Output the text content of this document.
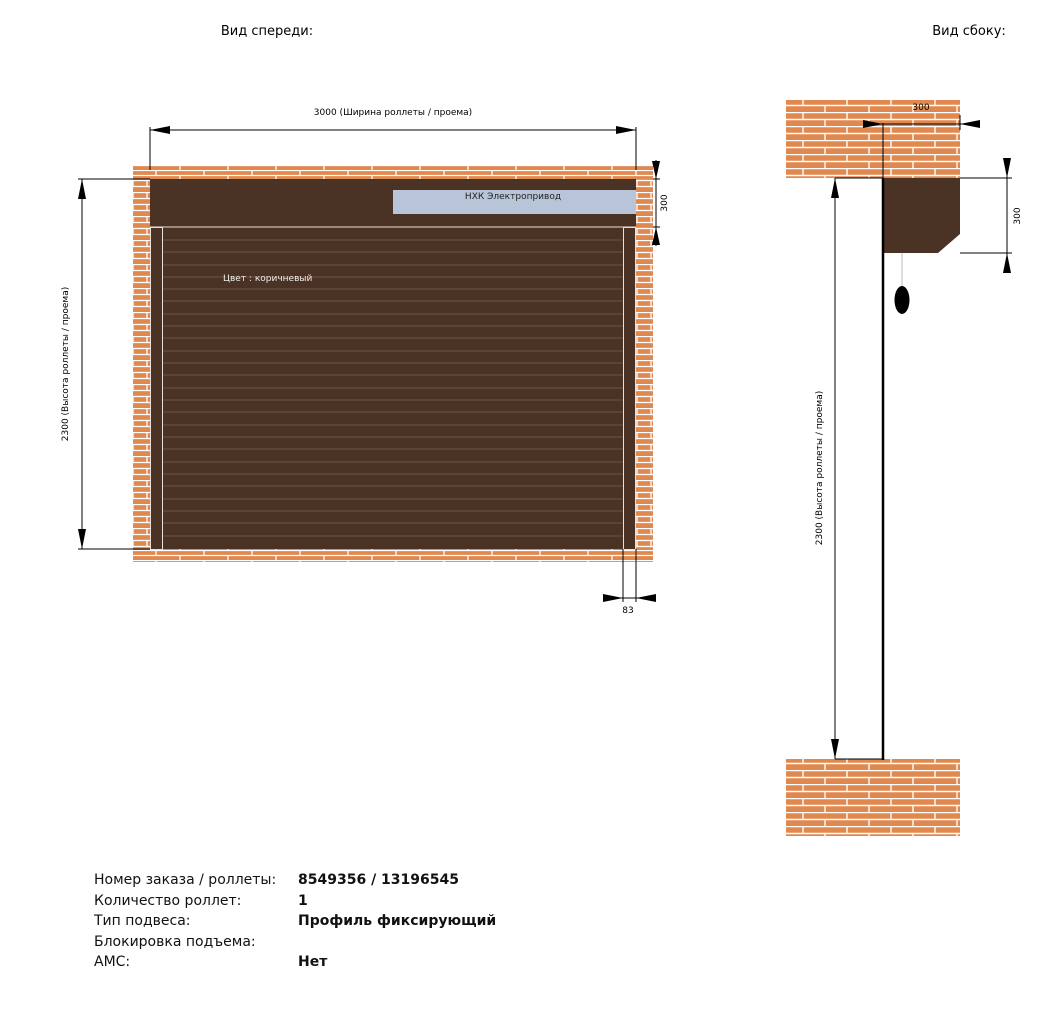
Вид спереди:
НХК Электропривод
Цвет : коричневый
3000 (Ширина роллеты / проема)
2300 (Высота роллеты / проема)
300
83
Вид сбоку:
300
300
2300 (Высота роллеты / проема)
Номер заказа / роллеты:	8549356 / 13196545
Количество роллет:	1
Тип подвеса:	Профиль фиксирующий
Блокировка подъема:
АМС:	Нет
